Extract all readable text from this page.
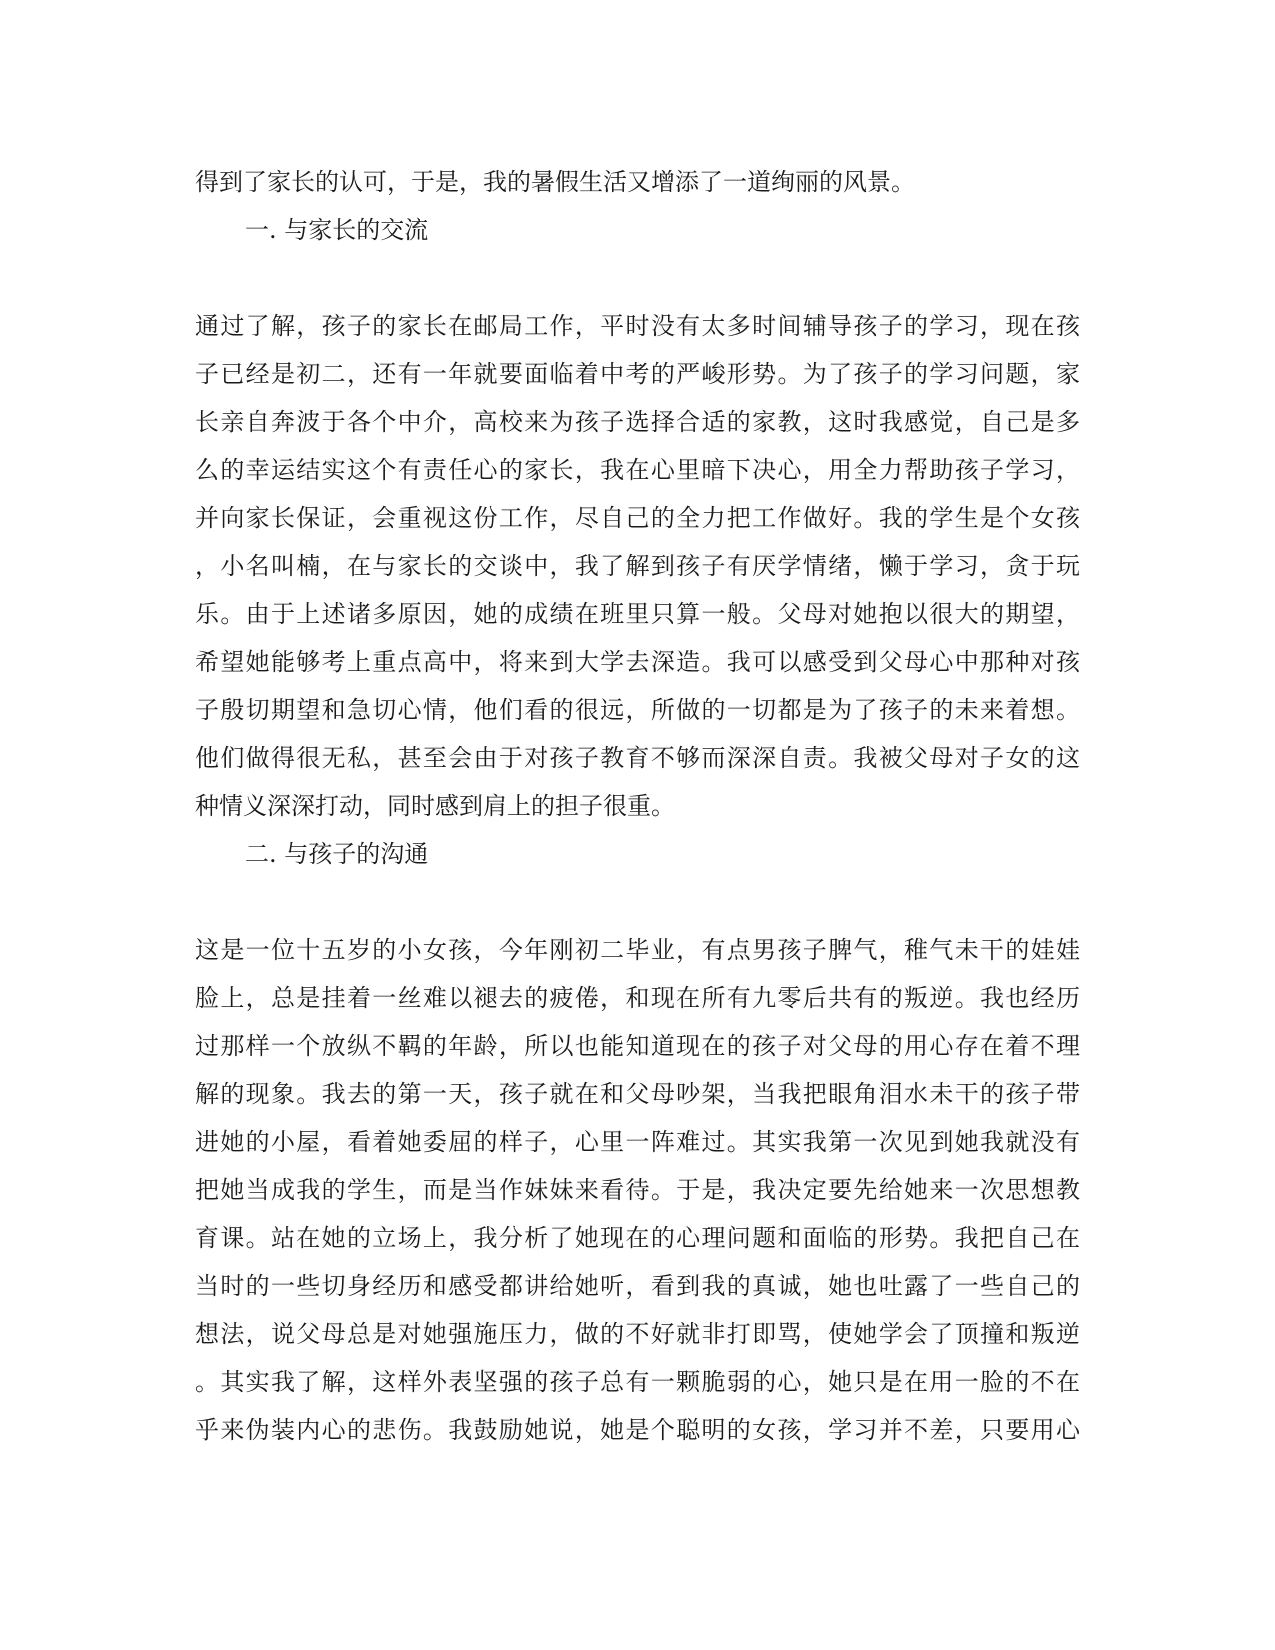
得到了家长的认可，于是，我的暑假生活又增添了一道绚丽的风景。
一. 与家长的交流
通过了解，孩子的家长在邮局工作，平时没有太多时间辅导孩子的学习，现在孩
子已经是初二，还有一年就要面临着中考的严峻形势。为了孩子的学习问题，家
长亲自奔波于各个中介，高校来为孩子选择合适的家教，这时我感觉，自己是多
么的幸运结实这个有责任心的家长，我在心里暗下决心，用全力帮助孩子学习，
并向家长保证，会重视这份工作，尽自己的全力把工作做好。我的学生是个女孩
，小名叫楠，在与家长的交谈中，我了解到孩子有厌学情绪，懒于学习，贪于玩
乐。由于上述诸多原因，她的成绩在班里只算一般。父母对她抱以很大的期望，
希望她能够考上重点高中，将来到大学去深造。我可以感受到父母心中那种对孩
子殷切期望和急切心情，他们看的很远，所做的一切都是为了孩子的未来着想。
他们做得很无私，甚至会由于对孩子教育不够而深深自责。我被父母对子女的这
种情义深深打动，同时感到肩上的担子很重。
二. 与孩子的沟通
这是一位十五岁的小女孩，今年刚初二毕业，有点男孩子脾气，稚气未干的娃娃
脸上，总是挂着一丝难以褪去的疲倦，和现在所有九零后共有的叛逆。我也经历
过那样一个放纵不羁的年龄，所以也能知道现在的孩子对父母的用心存在着不理
解的现象。我去的第一天，孩子就在和父母吵架，当我把眼角泪水未干的孩子带
进她的小屋，看着她委屈的样子，心里一阵难过。其实我第一次见到她我就没有
把她当成我的学生，而是当作妹妹来看待。于是，我决定要先给她来一次思想教
育课。站在她的立场上，我分析了她现在的心理问题和面临的形势。我把自己在
当时的一些切身经历和感受都讲给她听，看到我的真诚，她也吐露了一些自己的
想法，说父母总是对她强施压力，做的不好就非打即骂，使她学会了顶撞和叛逆
。其实我了解，这样外表坚强的孩子总有一颗脆弱的心，她只是在用一脸的不在
乎来伪装内心的悲伤。我鼓励她说，她是个聪明的女孩，学习并不差，只要用心
